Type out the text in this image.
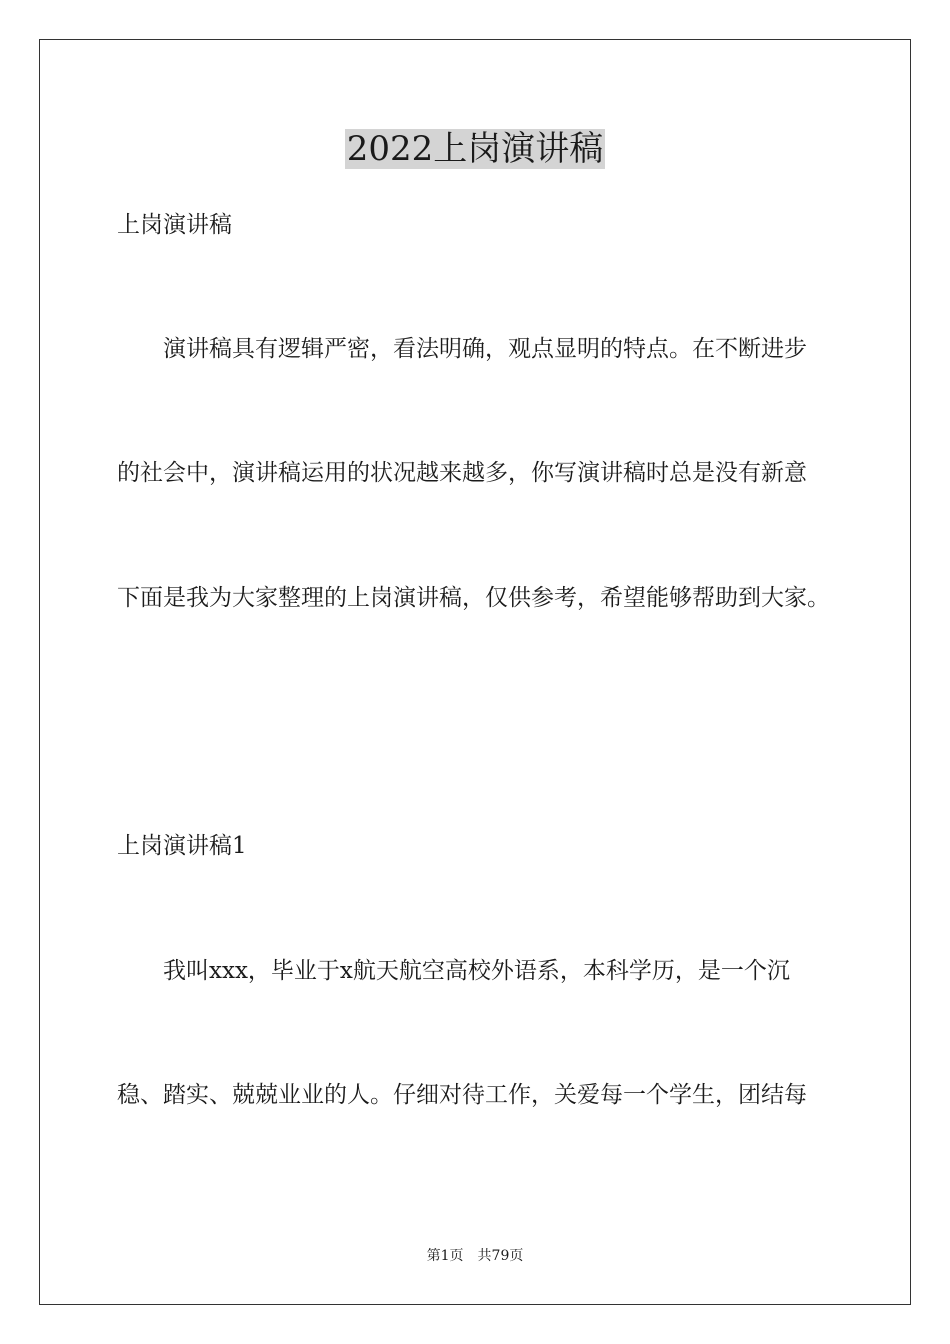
2022上岗演讲稿
上岗演讲稿
演讲稿具有逻辑严密，看法明确，观点显明的特点。在不断进步
的社会中，演讲稿运用的状况越来越多，你写演讲稿时总是没有新意
下面是我为大家整理的上岗演讲稿，仅供参考，希望能够帮助到大家。
上岗演讲稿1
我叫xxx，毕业于x航天航空高校外语系，本科学历，是一个沉
稳、踏实、兢兢业业的人。仔细对待工作，关爱每一个学生，团结每
第1页　共79页
